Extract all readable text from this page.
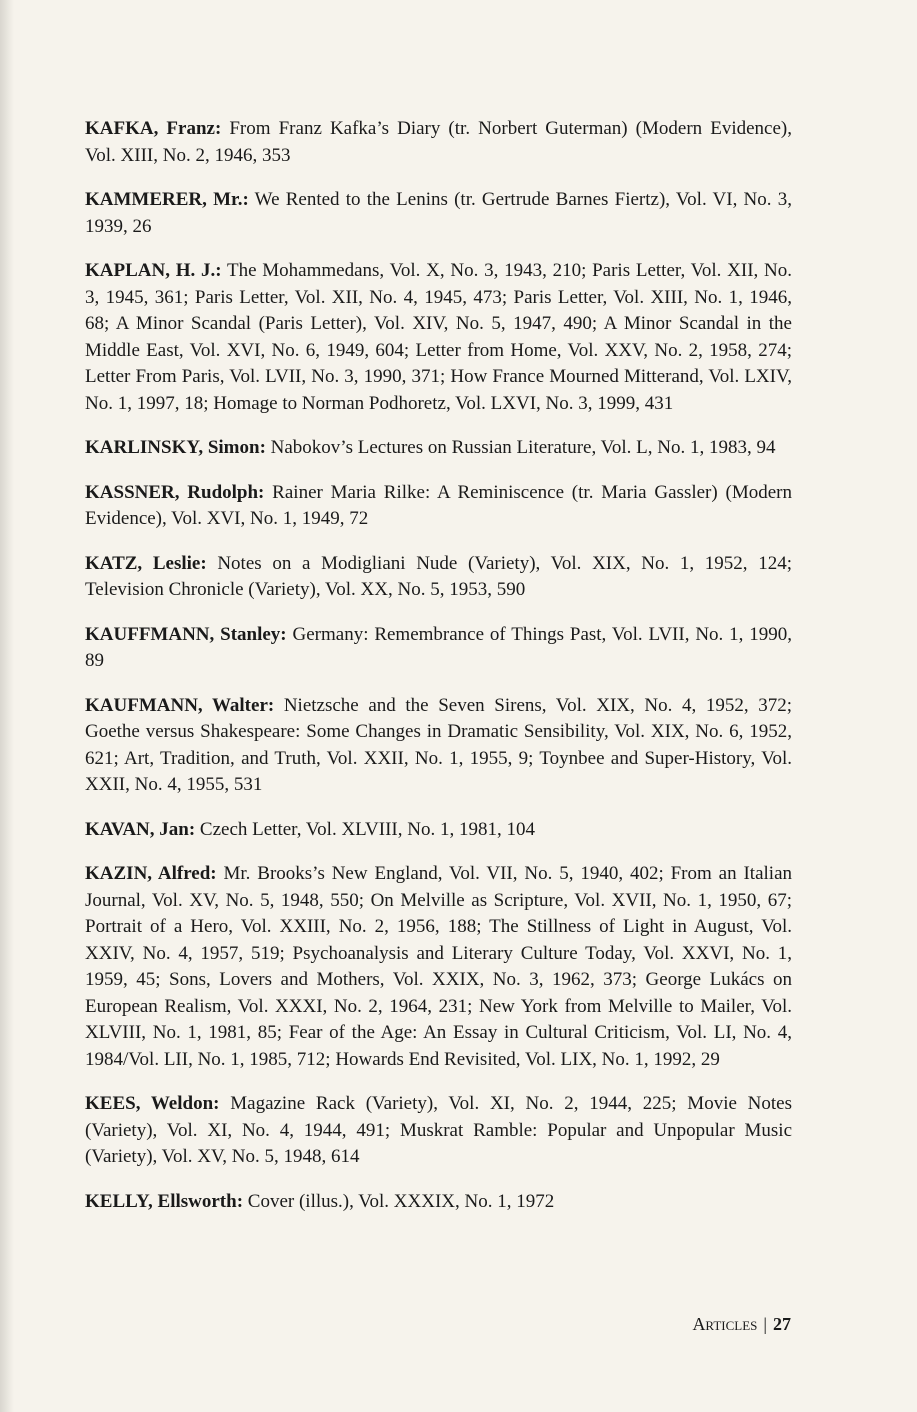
KAFKA, Franz: From Franz Kafka’s Diary (tr. Norbert Guterman) (Modern Evidence), Vol. XIII, No. 2, 1946, 353

KAMMERER, Mr.: We Rented to the Lenins (tr. Gertrude Barnes Fiertz), Vol. VI, No. 3, 1939, 26

KAPLAN, H. J.: The Mohammedans, Vol. X, No. 3, 1943, 210; Paris Letter, Vol. XII, No. 3, 1945, 361; Paris Letter, Vol. XII, No. 4, 1945, 473; Paris Letter, Vol. XIII, No. 1, 1946, 68; A Minor Scandal (Paris Letter), Vol. XIV, No. 5, 1947, 490; A Minor Scandal in the Middle East, Vol. XVI, No. 6, 1949, 604; Letter from Home, Vol. XXV, No. 2, 1958, 274; Letter From Paris, Vol. LVII, No. 3, 1990, 371; How France Mourned Mitterand, Vol. LXIV, No. 1, 1997, 18; Homage to Norman Podhoretz, Vol. LXVI, No. 3, 1999, 431

KARLINSKY, Simon: Nabokov’s Lectures on Russian Literature, Vol. L, No. 1, 1983, 94

KASSNER, Rudolph: Rainer Maria Rilke: A Reminiscence (tr. Maria Gassler) (Modern Evidence), Vol. XVI, No. 1, 1949, 72

KATZ, Leslie: Notes on a Modigliani Nude (Variety), Vol. XIX, No. 1, 1952, 124; Television Chronicle (Variety), Vol. XX, No. 5, 1953, 590

KAUFFMANN, Stanley: Germany: Remembrance of Things Past, Vol. LVII, No. 1, 1990, 89

KAUFMANN, Walter: Nietzsche and the Seven Sirens, Vol. XIX, No. 4, 1952, 372; Goethe versus Shakespeare: Some Changes in Dramatic Sensibility, Vol. XIX, No. 6, 1952, 621; Art, Tradition, and Truth, Vol. XXII, No. 1, 1955, 9; Toynbee and Super-History, Vol. XXII, No. 4, 1955, 531

KAVAN, Jan: Czech Letter, Vol. XLVIII, No. 1, 1981, 104

KAZIN, Alfred: Mr. Brooks’s New England, Vol. VII, No. 5, 1940, 402; From an Italian Journal, Vol. XV, No. 5, 1948, 550; On Melville as Scripture, Vol. XVII, No. 1, 1950, 67; Portrait of a Hero, Vol. XXIII, No. 2, 1956, 188; The Stillness of Light in August, Vol. XXIV, No. 4, 1957, 519; Psychoanalysis and Literary Culture Today, Vol. XXVI, No. 1, 1959, 45; Sons, Lovers and Mothers, Vol. XXIX, No. 3, 1962, 373; George Lukács on European Realism, Vol. XXXI, No. 2, 1964, 231; New York from Melville to Mailer, Vol. XLVIII, No. 1, 1981, 85; Fear of the Age: An Essay in Cultural Criticism, Vol. LI, No. 4, 1984/Vol. LII, No. 1, 1985, 712; Howards End Revisited, Vol. LIX, No. 1, 1992, 29

KEES, Weldon: Magazine Rack (Variety), Vol. XI, No. 2, 1944, 225; Movie Notes (Variety), Vol. XI, No. 4, 1944, 491; Muskrat Ramble: Popular and Unpopular Music (Variety), Vol. XV, No. 5, 1948, 614

KELLY, Ellsworth: Cover (illus.), Vol. XXXIX, No. 1, 1972

Articles | 27
